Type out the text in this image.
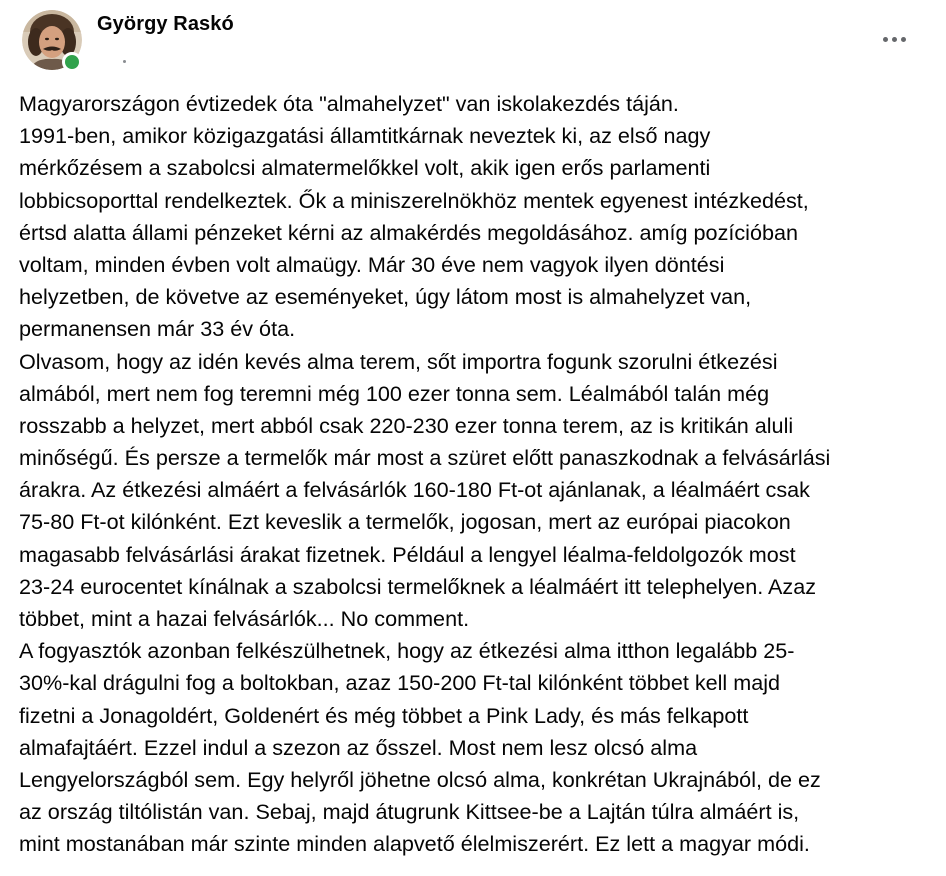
György Raskó
Magyarországon évtizedek óta "almahelyzet" van iskolakezdés táján.
1991-ben, amikor közigazgatási államtitkárnak neveztek ki, az első nagy
mérkőzésem a szabolcsi almatermelőkkel volt, akik igen erős parlamenti
lobbicsoporttal rendelkeztek. Ők a miniszerelnökhöz mentek egyenest intézkedést,
értsd alatta állami pénzeket kérni az almakérdés megoldásához. amíg pozícióban
voltam, minden évben volt almaügy. Már 30 éve nem vagyok ilyen döntési
helyzetben, de követve az eseményeket, úgy látom most is almahelyzet van,
permanensen már 33 év óta.
Olvasom, hogy az idén kevés alma terem, sőt importra fogunk szorulni étkezési
almából, mert nem fog teremni még 100 ezer tonna sem. Léalmából talán még
rosszabb a helyzet, mert abból csak 220-230 ezer tonna terem, az is kritikán aluli
minőségű. És persze a termelők már most a szüret előtt panaszkodnak a felvásárlási
árakra. Az étkezési almáért a felvásárlók 160-180 Ft-ot ajánlanak, a léalmáért csak
75-80 Ft-ot kilónként. Ezt keveslik a termelők, jogosan, mert az európai piacokon
magasabb felvásárlási árakat fizetnek. Például a lengyel léalma-feldolgozók most
23-24 eurocentet kínálnak a szabolcsi termelőknek a léalmáért itt telephelyen. Azaz
többet, mint a hazai felvásárlók... No comment.
A fogyasztók azonban felkészülhetnek, hogy az étkezési alma itthon legalább 25-
30%-kal drágulni fog a boltokban, azaz 150-200 Ft-tal kilónként többet kell majd
fizetni a Jonagoldért, Goldenért és még többet a Pink Lady, és más felkapott
almafajtáért. Ezzel indul a szezon az ősszel. Most nem lesz olcsó alma
Lengyelországból sem. Egy helyről jöhetne olcsó alma, konkrétan Ukrajnából, de ez
az ország tiltólistán van. Sebaj, majd átugrunk Kittsee-be a Lajtán túlra almáért is,
mint mostanában már szinte minden alapvető élelmiszerért. Ez lett a magyar módi.
